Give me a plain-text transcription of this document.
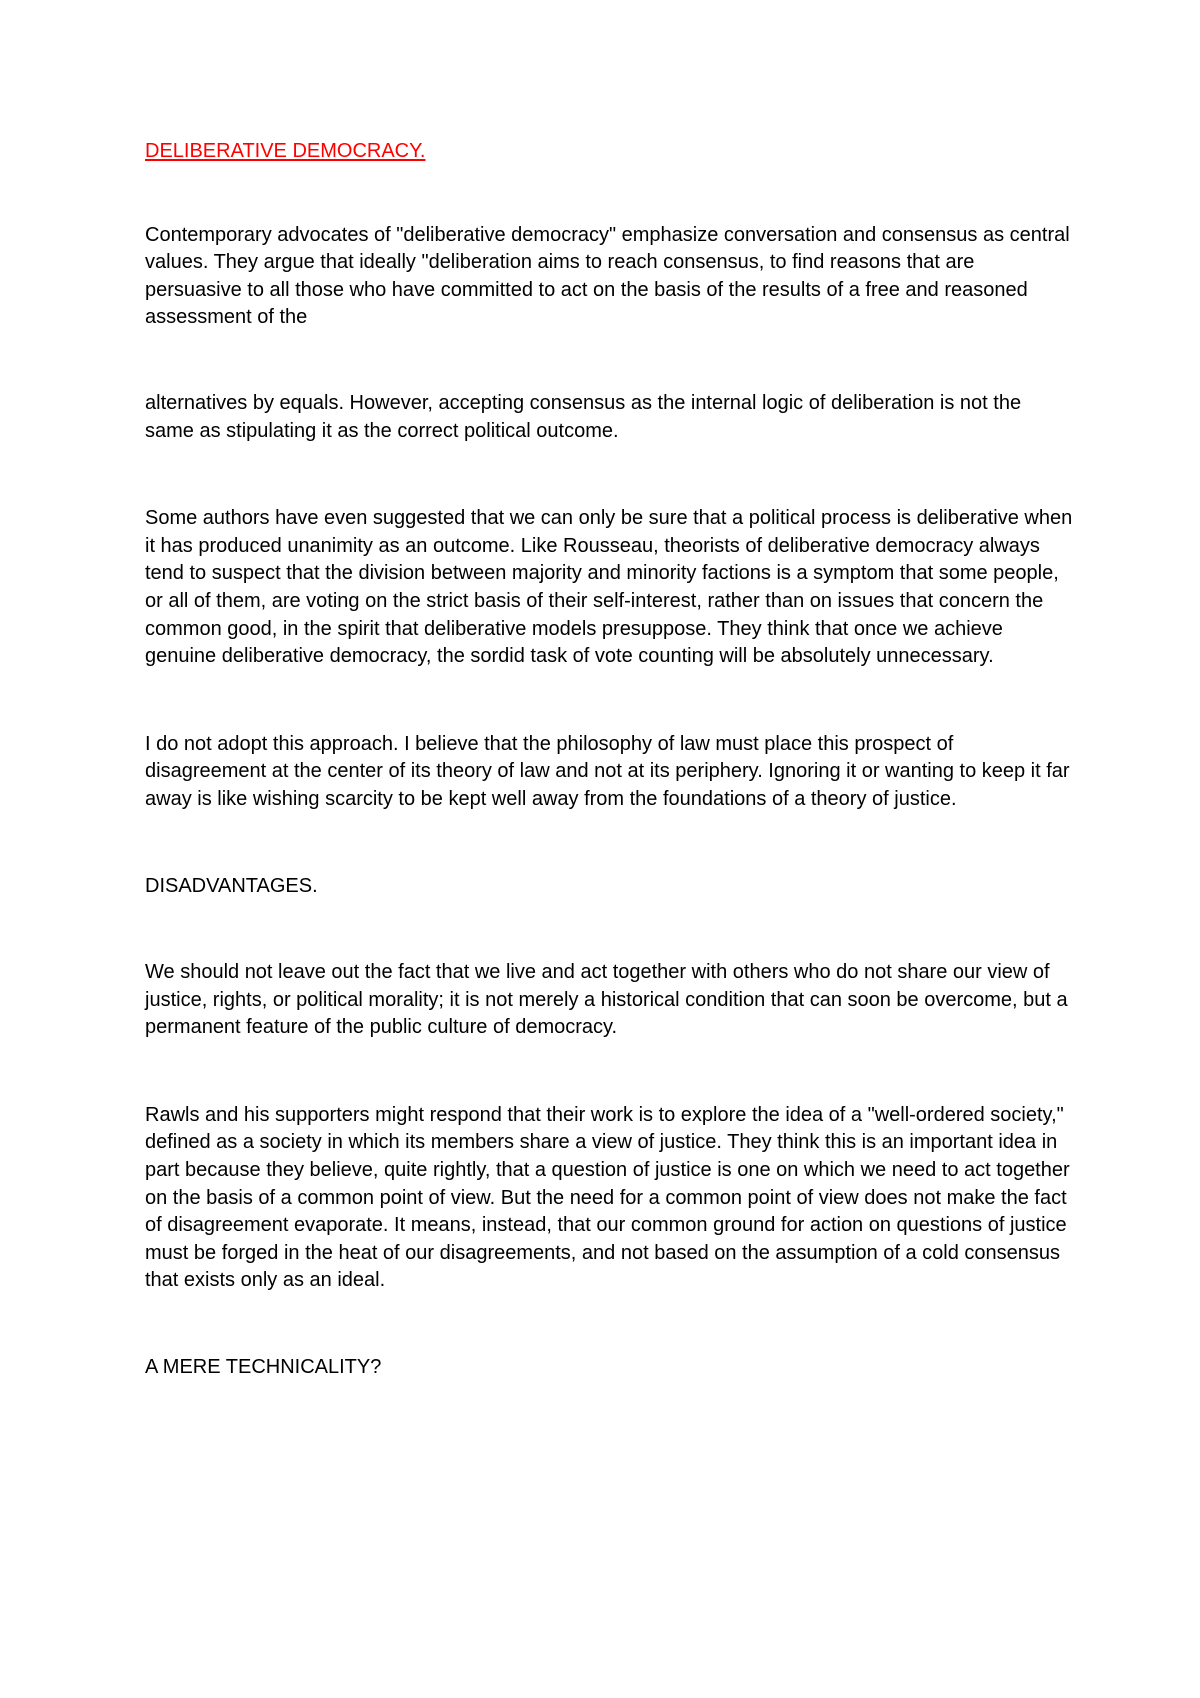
DELIBERATIVE DEMOCRACY.

Contemporary advocates of "deliberative democracy" emphasize conversation and consensus as central values. They argue that ideally "deliberation aims to reach consensus, to find reasons that are persuasive to all those who have committed to act on the basis of the results of a free and reasoned assessment of the

alternatives by equals. However, accepting consensus as the internal logic of deliberation is not the same as stipulating it as the correct political outcome.

Some authors have even suggested that we can only be sure that a political process is deliberative when it has produced unanimity as an outcome. Like Rousseau, theorists of deliberative democracy always tend to suspect that the division between majority and minority factions is a symptom that some people, or all of them, are voting on the strict basis of their self-interest, rather than on issues that concern the common good, in the spirit that deliberative models presuppose. They think that once we achieve genuine deliberative democracy, the sordid task of vote counting will be absolutely unnecessary.

I do not adopt this approach. I believe that the philosophy of law must place this prospect of disagreement at the center of its theory of law and not at its periphery. Ignoring it or wanting to keep it far away is like wishing scarcity to be kept well away from the foundations of a theory of justice.

DISADVANTAGES.

We should not leave out the fact that we live and act together with others who do not share our view of justice, rights, or political morality; it is not merely a historical condition that can soon be overcome, but a permanent feature of the public culture of democracy.

Rawls and his supporters might respond that their work is to explore the idea of a "well-ordered society," defined as a society in which its members share a view of justice. They think this is an important idea in part because they believe, quite rightly, that a question of justice is one on which we need to act together on the basis of a common point of view. But the need for a common point of view does not make the fact of disagreement evaporate. It means, instead, that our common ground for action on questions of justice must be forged in the heat of our disagreements, and not based on the assumption of a cold consensus that exists only as an ideal.

A MERE TECHNICALITY?
